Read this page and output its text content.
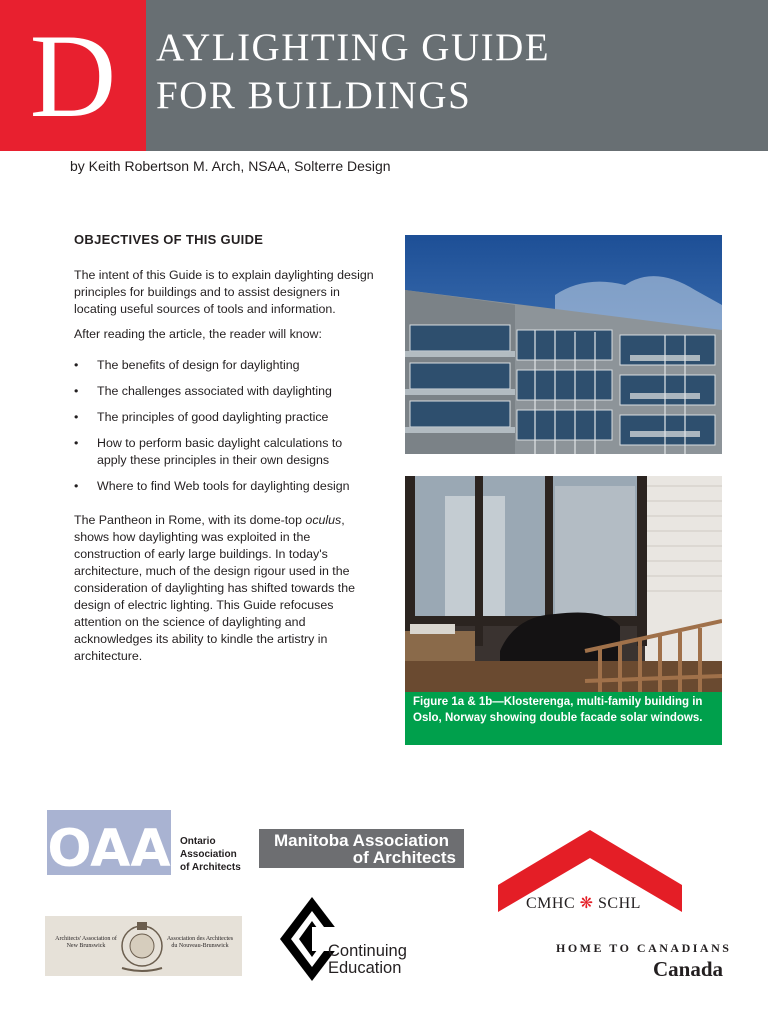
D	AYLIGHTING GUIDE
FOR BUILDINGS
by Keith Robertson M. Arch, NSAA, Solterre Design
OBJECTIVES OF THIS GUIDE

The intent of this Guide is to explain daylighting design principles for buildings and to assist designers in locating useful sources of tools and information.

After reading the article, the reader will know:

• The benefits of design for daylighting
• The challenges associated with daylighting
• The principles of good daylighting practice
• How to perform basic daylight calculations to apply these principles in their own designs
• Where to find Web tools for daylighting design

The Pantheon in Rome, with its dome-top oculus, shows how daylighting was exploited in the construction of early large buildings. In today's architecture, much of the design rigour used in the consideration of daylighting has shifted towards the design of electric lighting. This Guide refocuses attention on the science of daylighting and acknowledges its ability to kindle the artistry in architecture.

Figure 1a & 1b—Klosterenga, multi-family building in Oslo, Norway showing double facade solar windows.
OAA Ontario
Association
of Architects
Manitoba Association
of Architects
CMHC ❋ SCHL
HOME TO CANADIANS
Canada
Architects' Association of New Brunswick
Association des Architectes du Nouveau-Brunswick	Continuing
Education
